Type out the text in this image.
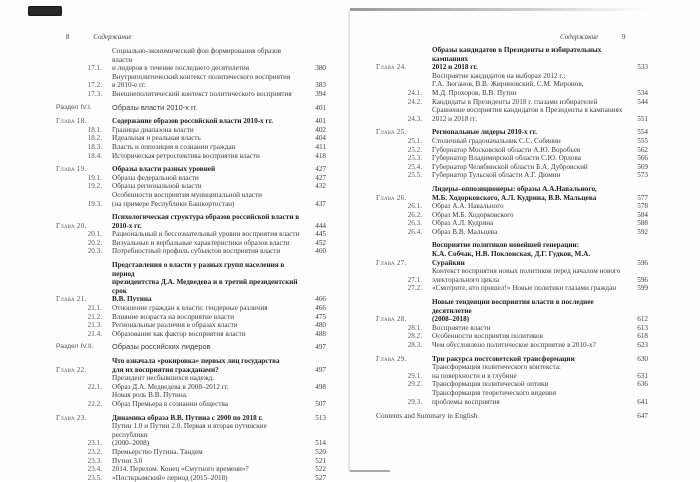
8	Содержание
17.1.
Социально-экономический фон формирования образов власти
и лидеров в течение последнего десятилетия	380
17.2.
Внутриполитический контекст политического восприятия
в 2010-е гг.	383
17.3.	Внешнеполитический контекст политического восприятия	394
Раздел IV.I.	Образы власти 2010-х гг.	401
Глава 18.	Содержание образов российской власти 2010-х гг.	401
18.1.	Границы диапазона власти	402
18.2.	Идеальная и реальная власть	404
18.3.	Власть и оппозиция в сознании граждан	411
18.4.	Историческая ретроспектива восприятия власти	418
Глава 19.	Образы власти разных уровней	427
19.1.	Образы федеральной власти	427
19.2.	Образы региональной власти	432
19.3.
Особенности восприятия муниципальной власти
(на примере Республики Башкортостан)	437
Глава 20.
Психологическая структура образов российской власти в 2010-х гг.	444
20.1.	Рациональный и бессознательный уровни восприятия власти	445
20.2.	Визуальные и вербальные характеристики образов власти	452
20.3.	Потребностный профиль субъектов восприятия власти	460
Глава 21.
Представления о власти у разных групп населения в период
президентства Д.А. Медведева и в третий президентский срок
В.В. Путина	466
21.1.	Отношение граждан к власти: гендерные различия	466
21.2.	Влияние возраста на восприятие власти	475
21.3.	Региональные различия в образах власти	480
21.4.	Образование как фактор восприятия власти	488
Раздел IV.II.	Образы российских лидеров	497
Глава 22.
Что означала «рокировка» первых лиц государства
для их восприятия гражданами?	497
22.1.
Президент несбывшихся надежд.
Образ Д.А. Медведева в 2008–2012 гг.	498
22.2.
Новая роль В.В. Путина.
Образ Премьера в сознании общества	507
Глава 23.	Динамика образа В.В. Путина с 2000 по 2018 г.	513
23.1.
Путин 1.0 и Путин 2.0. Первая и вторая путинские республики
(2000–2008)	514
23.2.	Премьерство Путина. Тандем	520
23.3.	Путин 3.0	521
23.4.	2014. Перелом. Конец «Смутного времени»?	522
23.5.	«Посткрымский» период (2015–2018)	527
Содержание	9
Глава 24.
Образы кандидатов в Президенты в избирательных кампаниях
2012 и 2018 гг.	533
24.1.
Восприятие кандидатов на выборах 2012 г.:
Г.А. Зюганов, В.В. Жириновский, С.М. Миронов,
М.Д. Прохоров, В.В. Путин	534
24.2.	Кандидаты в Президенты 2018 г. глазами избирателей	544
24.3.
Сравнение восприятия кандидатов в Президенты в кампаниях
2012 и 2018 гг.	551
Глава 25.	Региональные лидеры 2010-х гг.	554
25.1.	Столичный градоначальник С.С. Собянин	555
25.2.	Губернатор Московской области А.Ю. Воробьев	562
25.3.	Губернатор Владимирской области С.Ю. Орлова	566
25.4.	Губернатор Челябинской области Б.А. Дубровский	569
25.5.	Губернатор Тульской области А.Г. Дюмин	573
Глава 26.
Лидеры–оппозиционеры: образы А.А.Навального,
М.Б. Ходорковского, А.Л. Кудрина, В.В. Мальцева	577
26.1.	Образ А.А. Навального	578
26.2.	Образ М.Б. Ходорковского	584
26.3.	Образ А.Л. Кудрина	588
26.4.	Образ В.В. Мальцева	592
Глава 27.
Восприятие политиков новейшей генерации:
К.А. Собчак, Н.В. Поклонская, Д.Г. Гудков, М.А. Сурайкин	596
27.1.
Контекст восприятия новых политиков перед началом нового
электорального цикла	596
27.2.	«Смотрите, кто пришел!» Новые политики глазами граждан	599
Глава 28.
Новые тенденции восприятия власти в последнее десятилетие
(2008–2018)	612
28.1.	Восприятие власти	613
28.2.	Особенности восприятия политиков	618
28.3.	Чем обусловлено политическое восприятие в 2010-х?	623
Глава 29.	Три ракурса постсоветской трансформации	630
29.1.
Трансформация политического контекста:
на поверхности и в глубине	631
29.2.	Трансформация политической оптики	636
29.3.
Трансформация теоретического видения
проблемы восприятия	641
Contents and Summary in English	647
